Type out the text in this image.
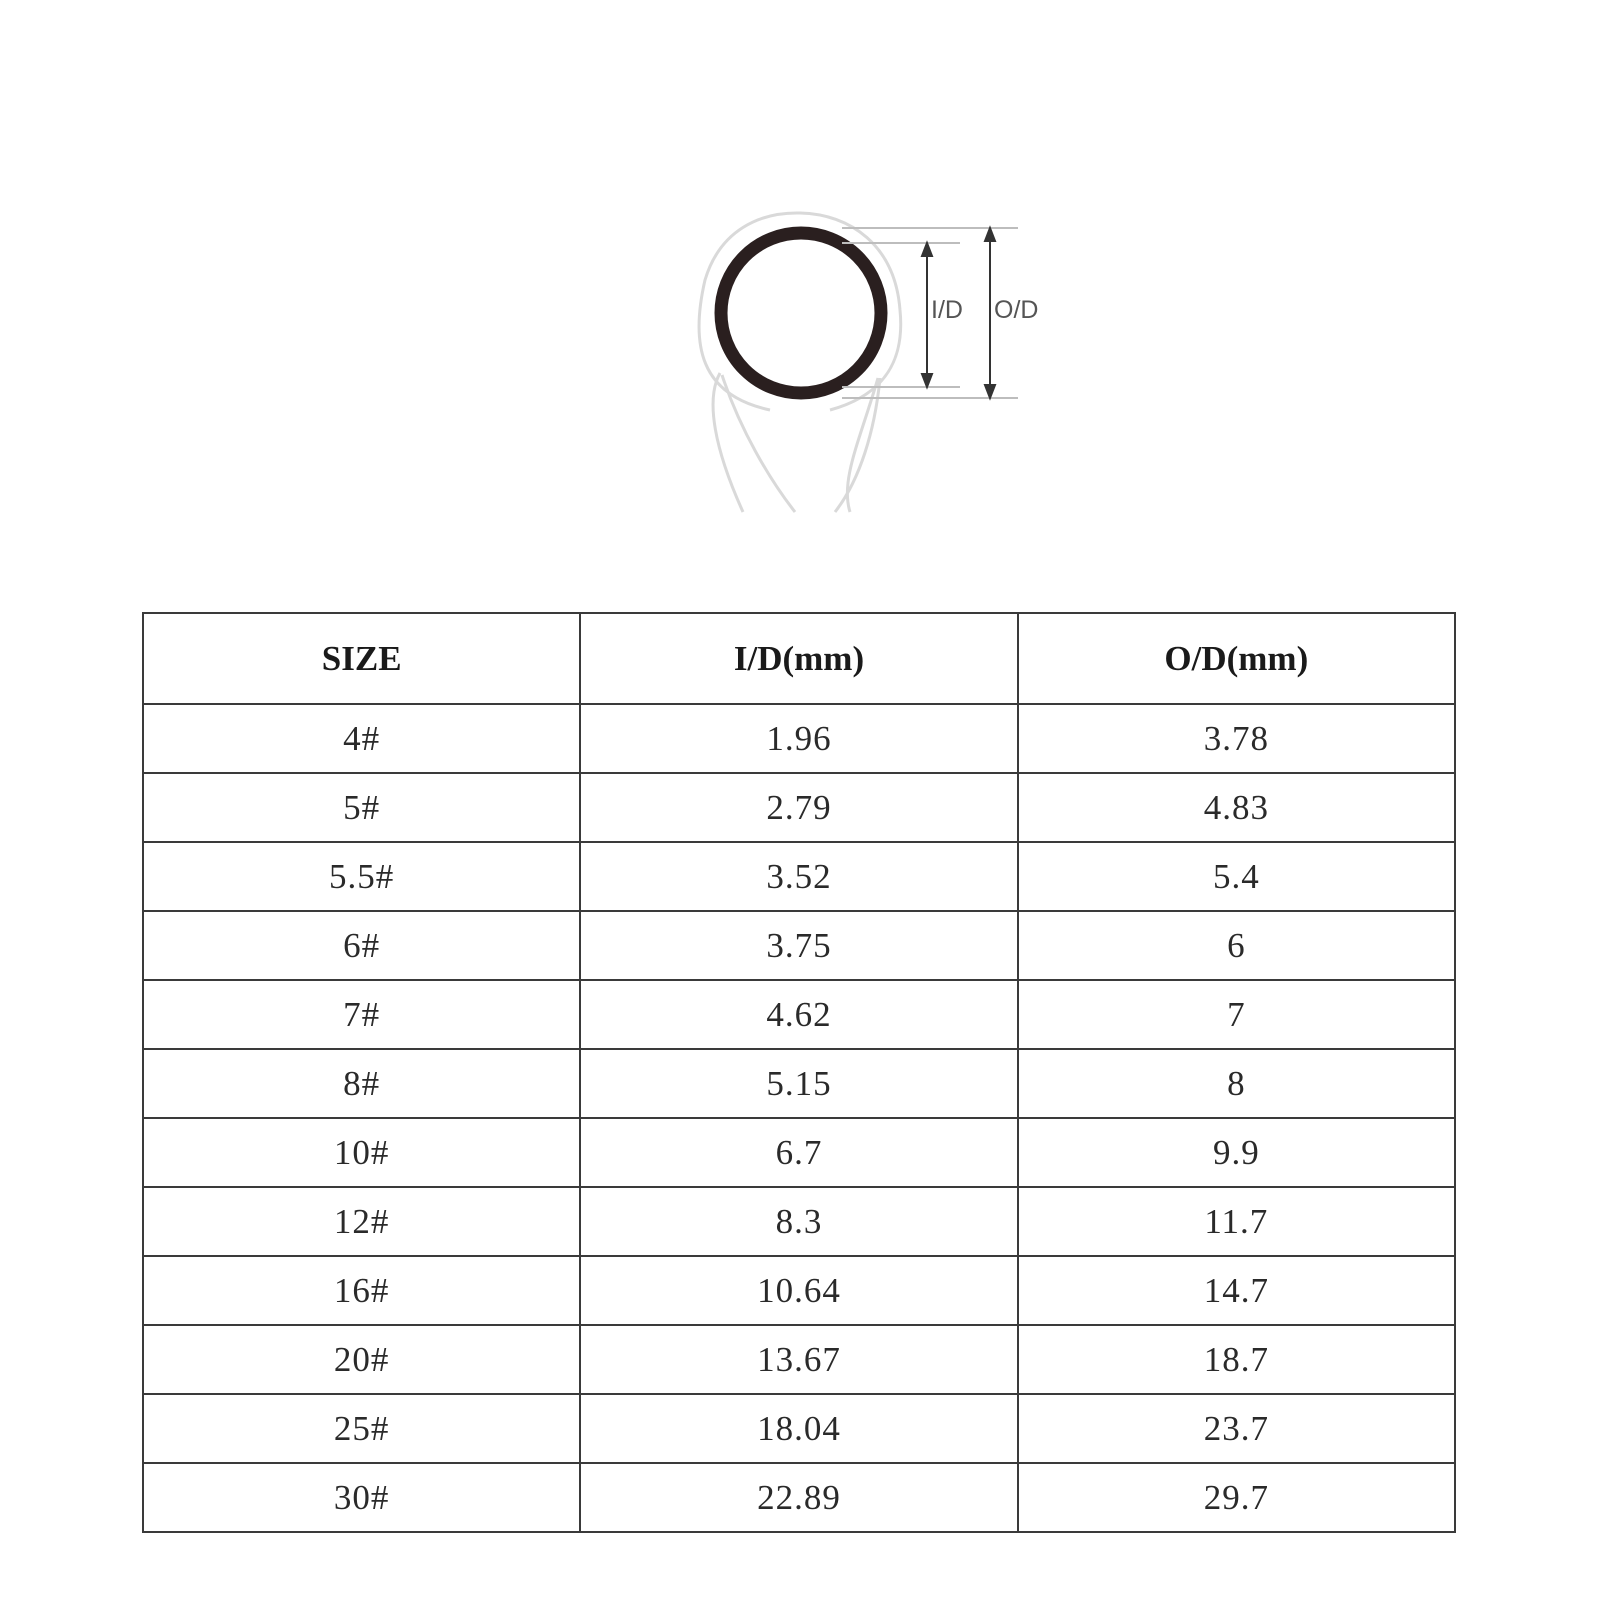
I/D O/D
SIZE	I/D(mm)	O/D(mm)
4#	1.96	3.78
5#	2.79	4.83
5.5#	3.52	5.4
6#	3.75	6
7#	4.62	7
8#	5.15	8
10#	6.7	9.9
12#	8.3	11.7
16#	10.64	14.7
20#	13.67	18.7
25#	18.04	23.7
30#	22.89	29.7
